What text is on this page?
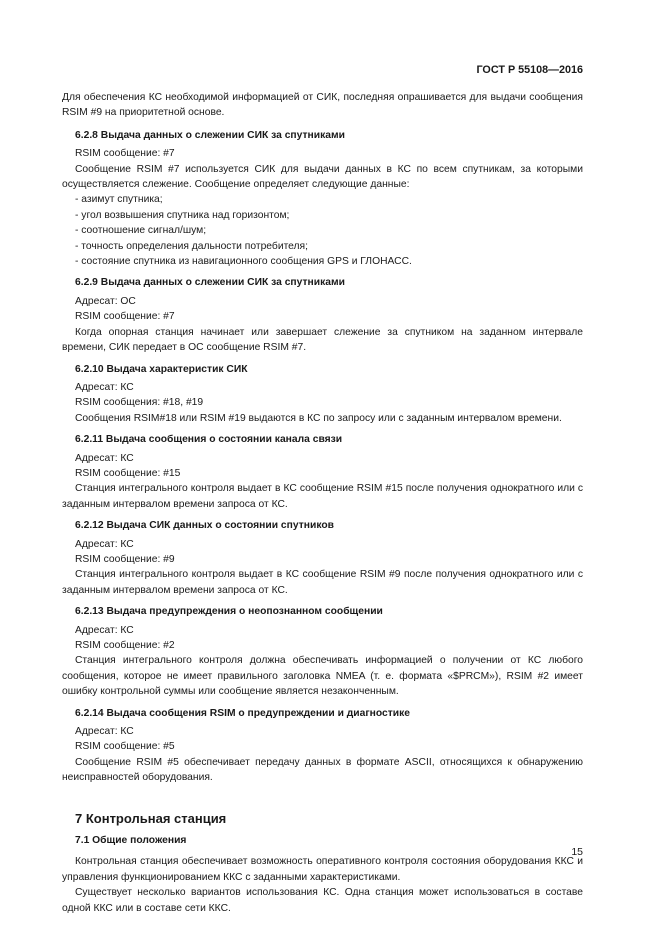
ГОСТ Р 55108—2016

Для обеспечения КС необходимой информацией от СИК, последняя опрашивается для выдачи сообщения RSIM #9 на приоритетной основе.

6.2.8 Выдача данных о слежении СИК за спутниками

RSIM сообщение: #7

Сообщение RSIM #7 используется СИК для выдачи данных в КС по всем спутникам, за которыми осуществляется слежение. Сообщение определяет следующие данные:

- азимут спутника;

- угол возвышения спутника над горизонтом;

- соотношение сигнал/шум;

- точность определения дальности потребителя;

- состояние спутника из навигационного сообщения GPS и ГЛОНАСС.

6.2.9 Выдача данных о слежении СИК за спутниками

Адресат: ОС

RSIM сообщение: #7

Когда опорная станция начинает или завершает слежение за спутником на заданном интервале времени, СИК передает в ОС сообщение RSIM #7.

6.2.10 Выдача характеристик СИК

Адресат: КС

RSIM сообщения: #18, #19

Сообщения RSIM#18 или RSIM #19 выдаются в КС по запросу или с заданным интервалом времени.

6.2.11 Выдача сообщения о состоянии канала связи

Адресат: КС

RSIM сообщение: #15

Станция интегрального контроля выдает в КС сообщение RSIM #15 после получения однократного или с заданным интервалом времени запроса от КС.

6.2.12 Выдача СИК данных о состоянии спутников

Адресат: КС

RSIM сообщение: #9

Станция интегрального контроля выдает в КС сообщение RSIM #9 после получения однократного или с заданным интервалом времени запроса от КС.

6.2.13 Выдача предупреждения о неопознанном сообщении

Адресат: КС

RSIM сообщение: #2

Станция интегрального контроля должна обеспечивать информацией о получении от КС любого сообщения, которое не имеет правильного заголовка NMEA (т. е. формата «$PRCM»), RSIM #2 имеет ошибку контрольной суммы или сообщение является незаконченным.

6.2.14 Выдача сообщения RSIM о предупреждении и диагностике

Адресат: КС

RSIM сообщение: #5

Сообщение RSIM #5 обеспечивает передачу данных в формате ASCII, относящихся к обнаружению неисправностей оборудования.

7 Контрольная станция

7.1 Общие положения

Контрольная станция обеспечивает возможность оперативного контроля состояния оборудования ККС и управления функционированием ККС с заданными характеристиками.

Существует несколько вариантов использования КС. Одна станция может использоваться в составе одной ККС или в составе сети ККС.

15
